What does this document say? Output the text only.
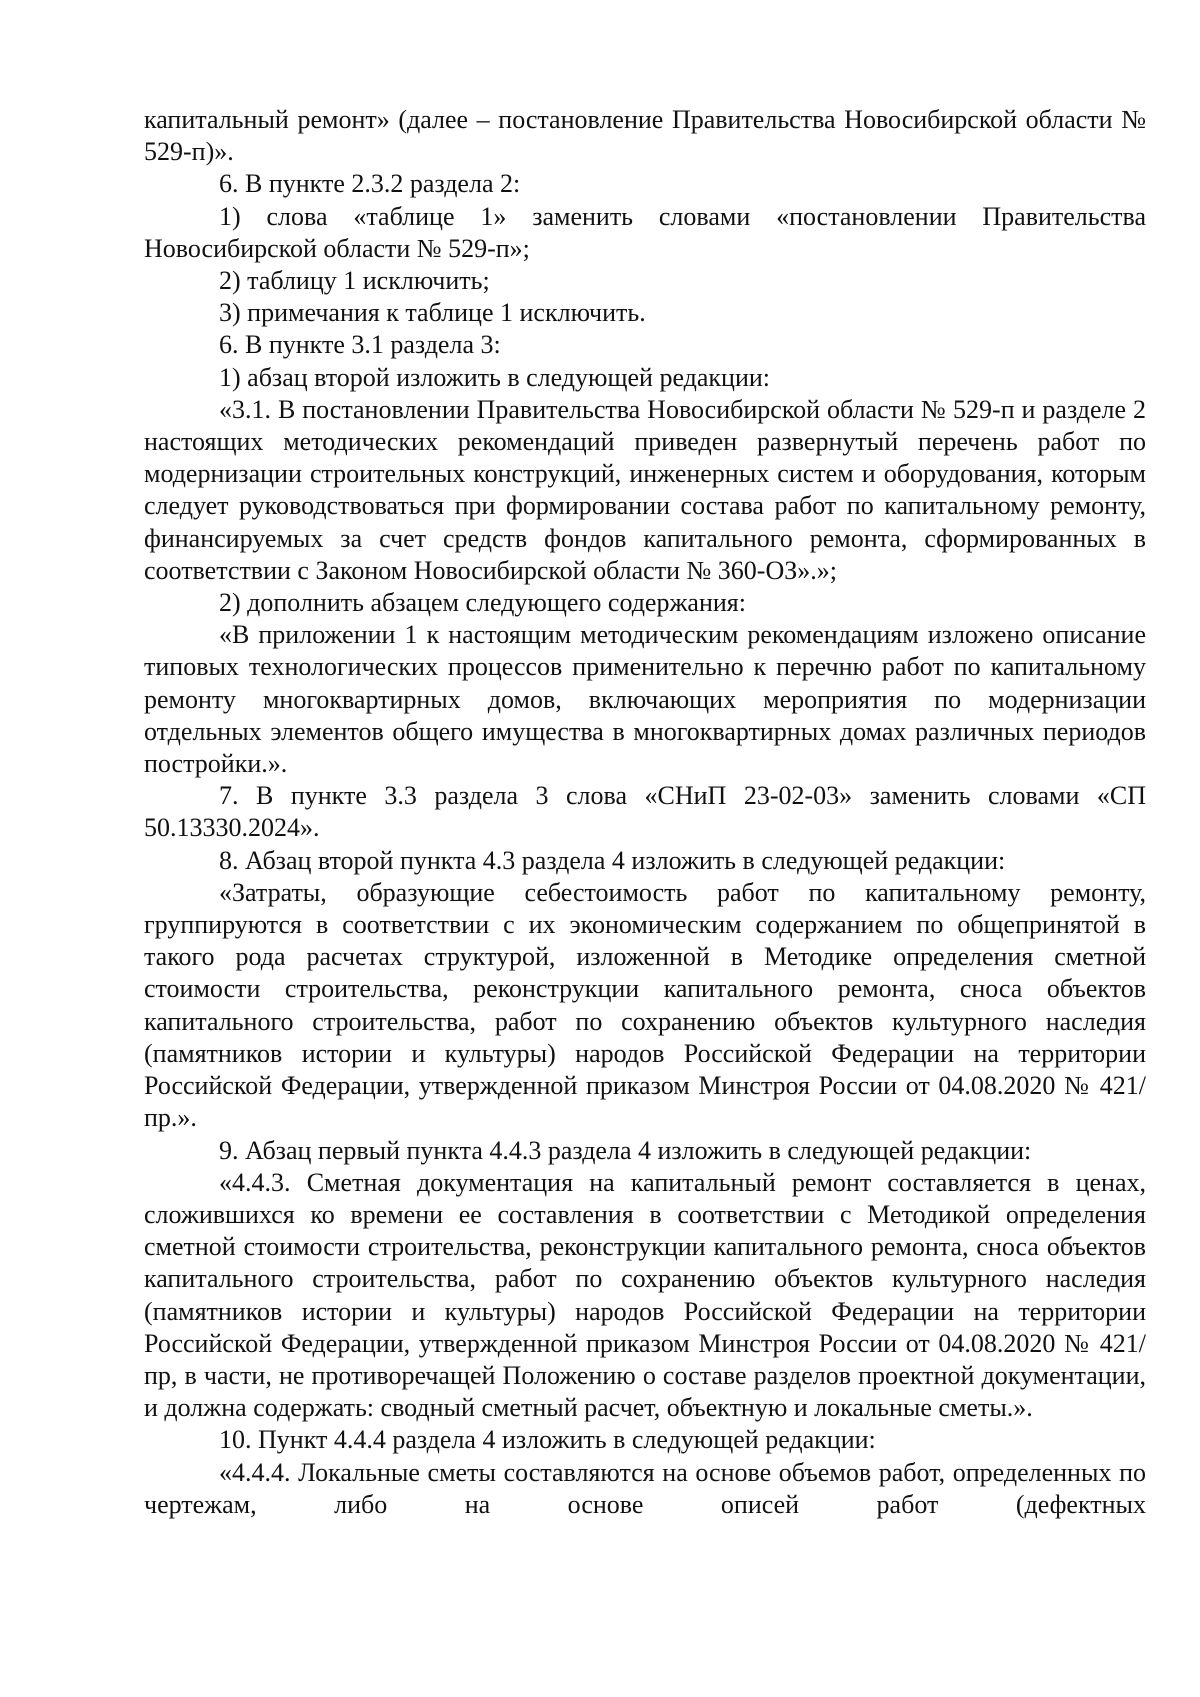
капитальный ремонт» (далее – постановление Правительства Новосибирской области № 529-п)».

6. В пункте 2.3.2 раздела 2:

1) слова «таблице 1» заменить словами «постановлении Правительства Новосибирской области № 529-п»;

2) таблицу 1 исключить;

3) примечания к таблице 1 исключить.

6. В пункте 3.1 раздела 3:

1) абзац второй изложить в следующей редакции:

«3.1. В постановлении Правительства Новосибирской области № 529-п и разделе 2 настоящих методических рекомендаций приведен развернутый перечень работ по модернизации строительных конструкций, инженерных систем и оборудования, которым следует руководствоваться при формировании состава работ по капитальному ремонту, финансируемых за счет средств фондов капитального ремонта, сформированных в соответствии с Законом Новосибирской области № 360-ОЗ».»;

2) дополнить абзацем следующего содержания:

«В приложении 1 к настоящим методическим рекомендациям изложено описание типовых технологических процессов применительно к перечню работ по капитальному ремонту многоквартирных домов, включающих мероприятия по модернизации отдельных элементов общего имущества в многоквартирных домах различных периодов постройки.».

7. В пункте 3.3 раздела 3 слова «СНиП 23-02-03» заменить словами «СП 50.13330.2024».

8. Абзац второй пункта 4.3 раздела 4 изложить в следующей редакции:

«Затраты, образующие себестоимость работ по капитальному ремонту, группируются в соответствии с их экономическим содержанием по общепринятой в такого рода расчетах структурой, изложенной в Методике определения сметной стоимости строительства, реконструкции капитального ремонта, сноса объектов капитального строительства, работ по сохранению объектов культурного наследия (памятников истории и культуры) народов Российской Федерации на территории Российской Федерации, утвержденной приказом Минстроя России от 04.08.2020 № 421/пр.».

9. Абзац первый пункта 4.4.3 раздела 4 изложить в следующей редакции:

«4.4.3. Сметная документация на капитальный ремонт составляется в ценах, сложившихся ко времени ее составления в соответствии с Методикой определения сметной стоимости строительства, реконструкции капитального ремонта, сноса объектов капитального строительства, работ по сохранению объектов культурного наследия (памятников истории и культуры) народов Российской Федерации на территории Российской Федерации, утвержденной приказом Минстроя России от 04.08.2020 № 421/пр, в части, не противоречащей Положению о составе разделов проектной документации, и должна содержать: сводный сметный расчет, объектную и локальные сметы.».

10. Пункт 4.4.4 раздела 4 изложить в следующей редакции:

«4.4.4. Локальные сметы составляются на основе объемов работ, определенных по чертежам, либо на основе описей работ (дефектных
